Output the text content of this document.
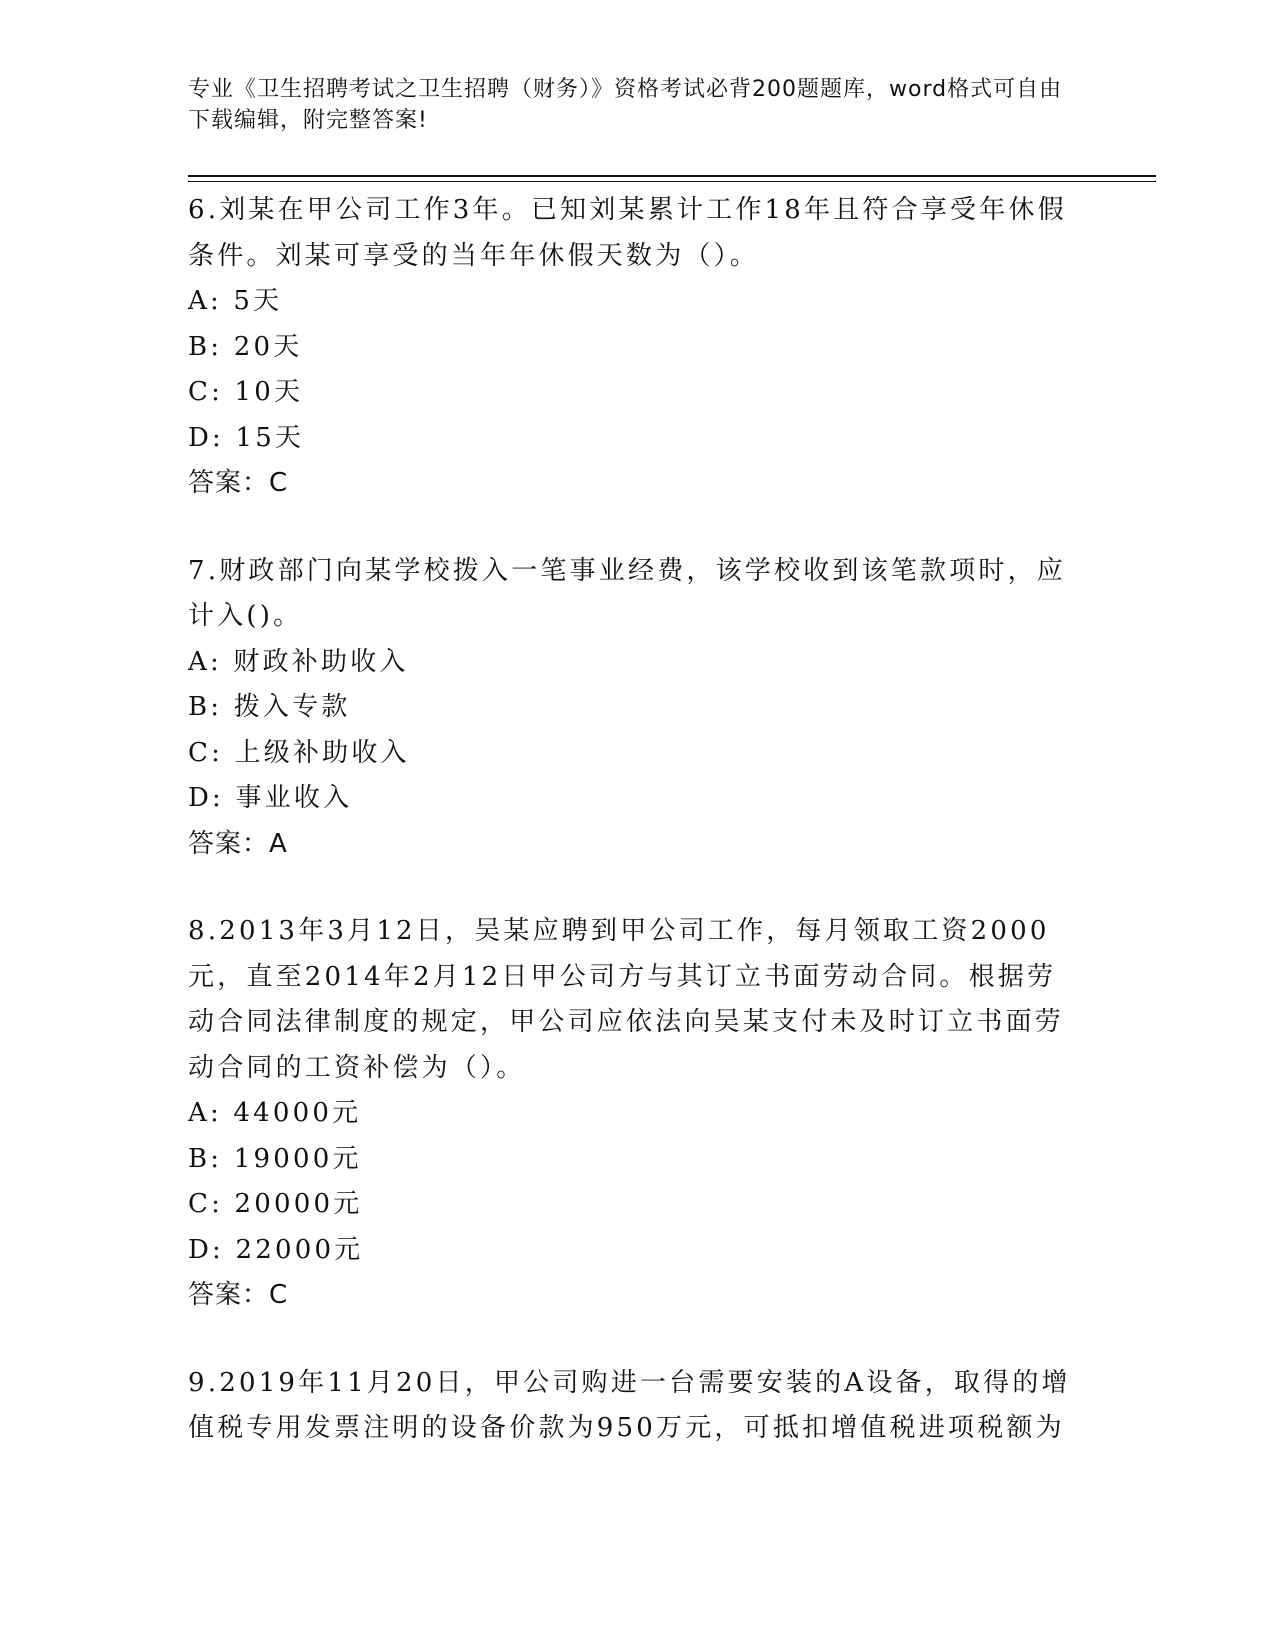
专业《卫生招聘考试之卫生招聘（财务）》资格考试必背200题题库，word格式可自由下载编辑，附完整答案!

6.刘某在甲公司工作3年。已知刘某累计工作18年且符合享受年休假条件。刘某可享受的当年年休假天数为（）。

A: 5天

B: 20天

C: 10天

D: 15天

答案：C

7.财政部门向某学校拨入一笔事业经费，该学校收到该笔款项时，应计入()。

A: 财政补助收入

B: 拨入专款

C: 上级补助收入

D: 事业收入

答案：A

8.2013年3月12日，吴某应聘到甲公司工作，每月领取工资2000元，直至2014年2月12日甲公司方与其订立书面劳动合同。根据劳动合同法律制度的规定，甲公司应依法向吴某支付未及时订立书面劳动合同的工资补偿为（）。

A: 44000元

B: 19000元

C: 20000元

D: 22000元

答案：C

9.2019年11月20日，甲公司购进一台需要安装的A设备，取得的增值税专用发票注明的设备价款为950万元，可抵扣增值税进项税额为
